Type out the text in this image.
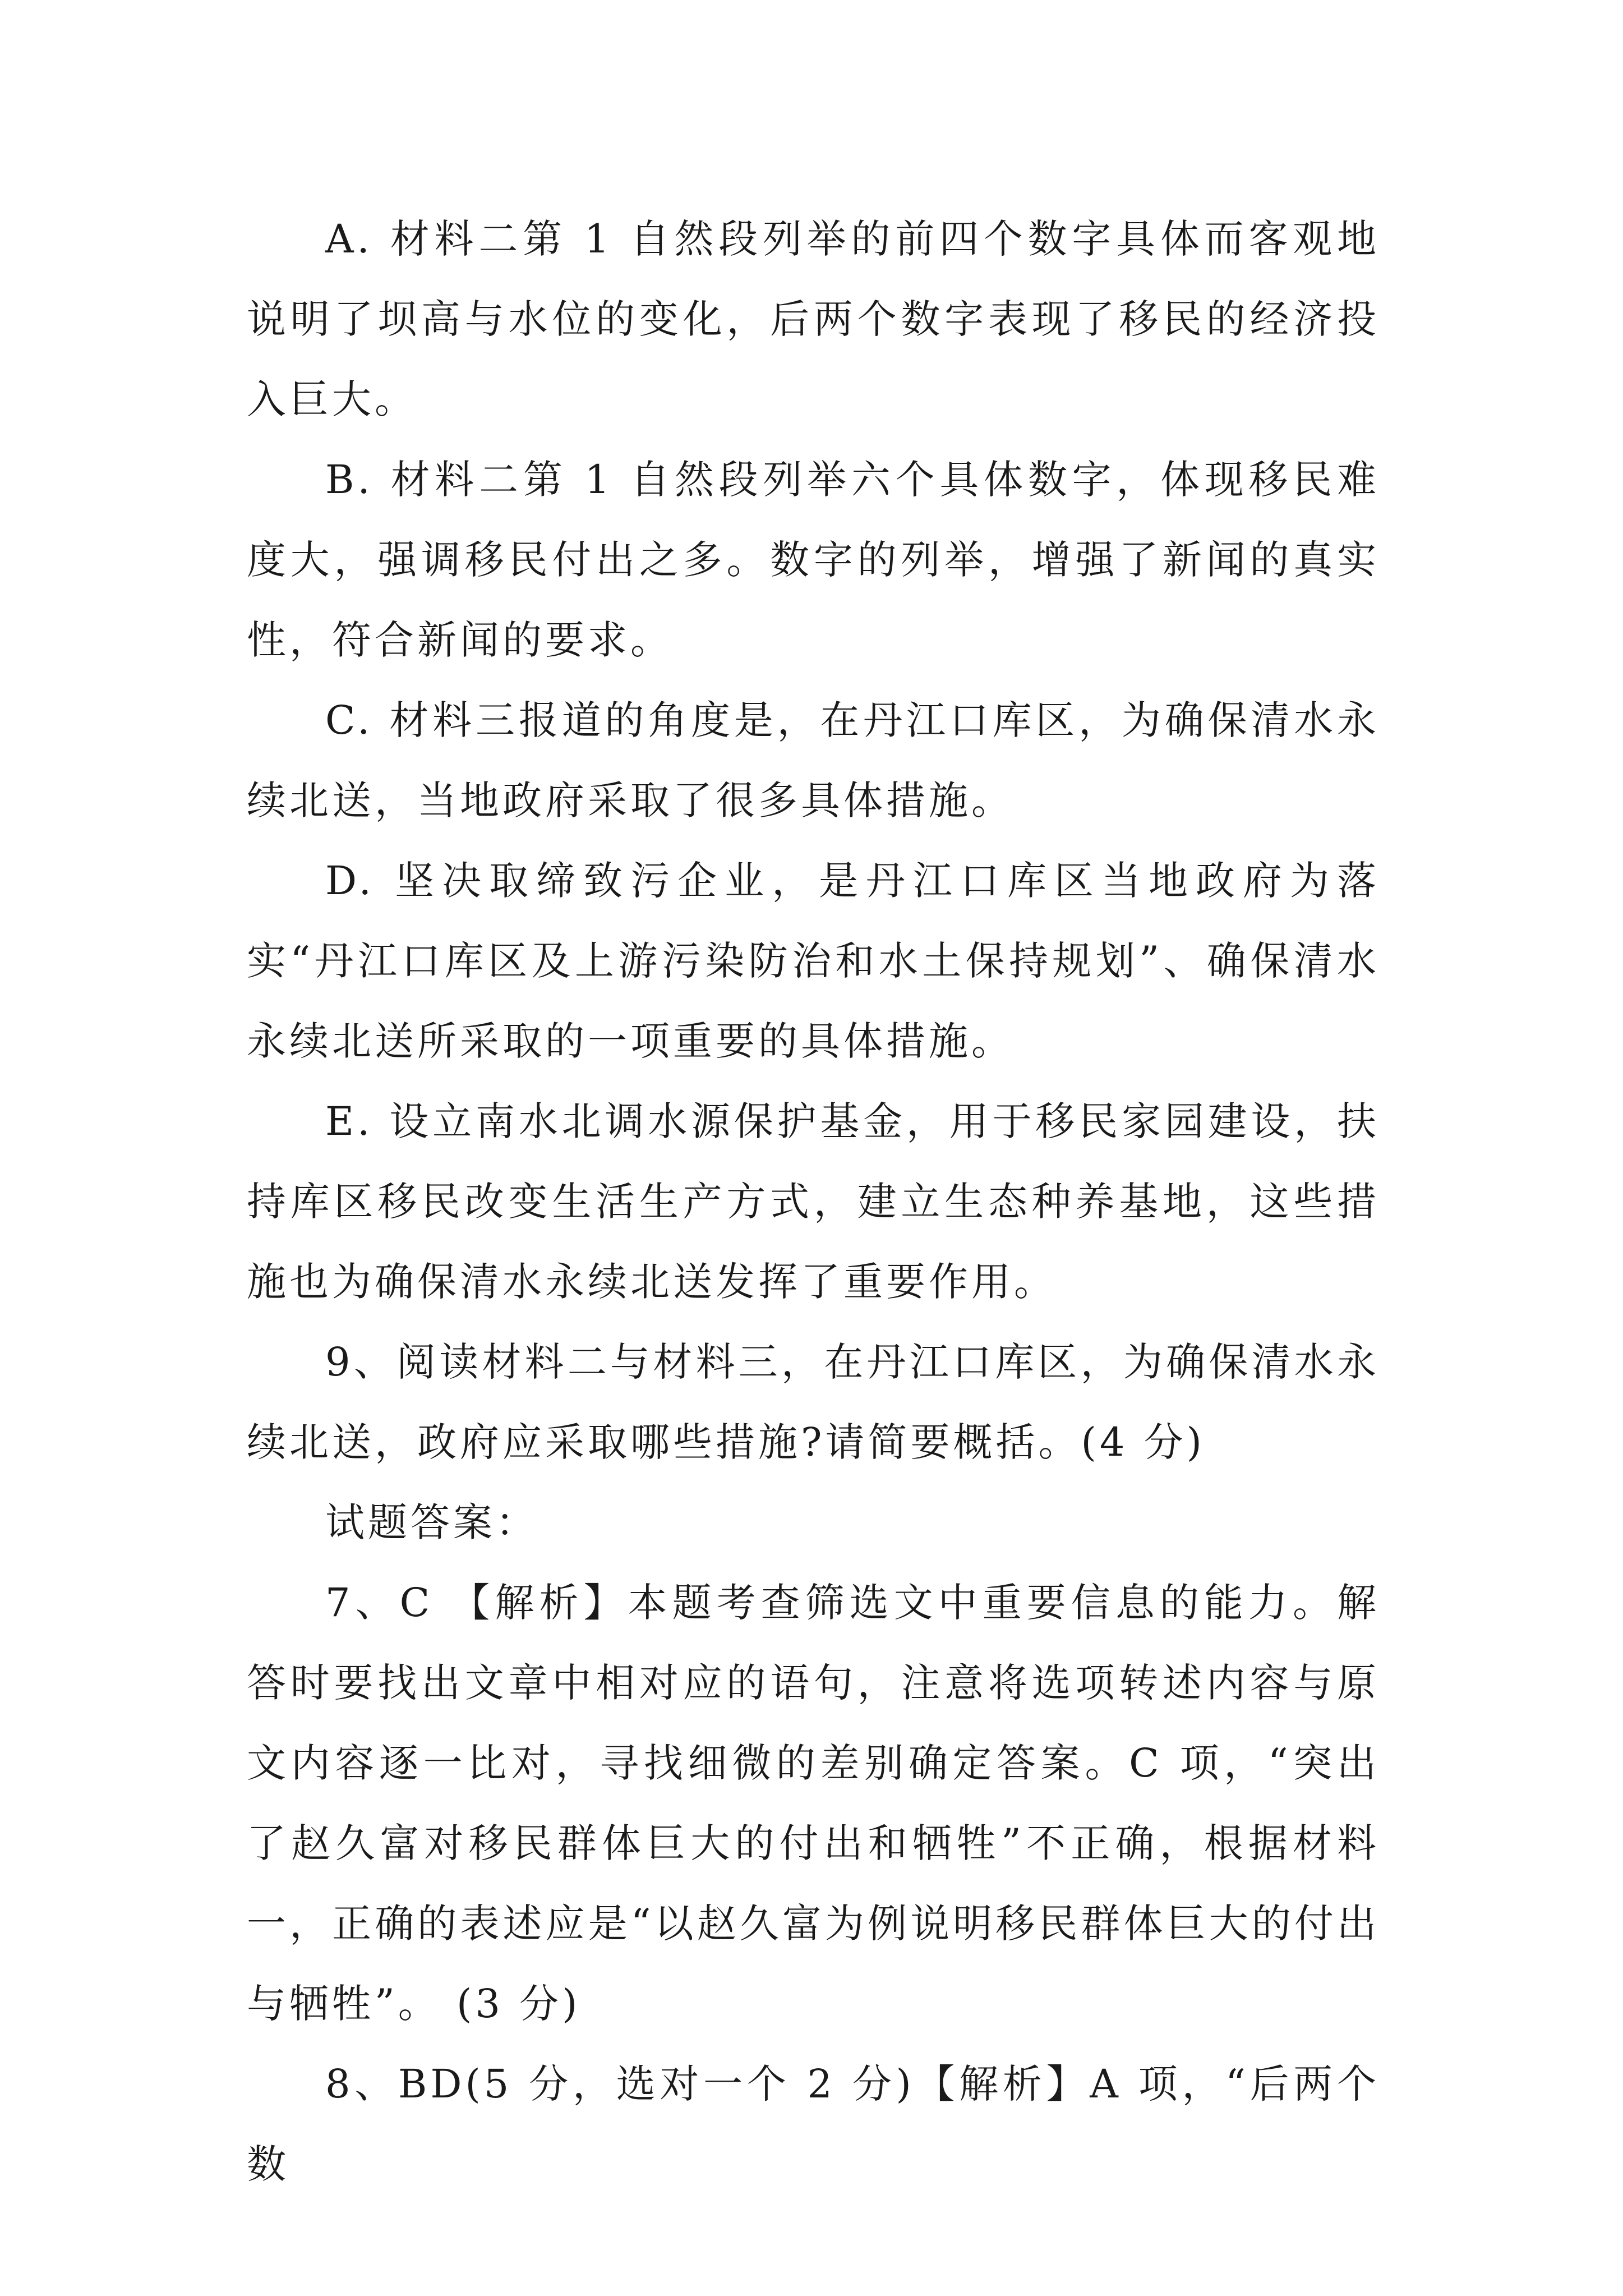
A. 材料二第 1 自然段列举的前四个数字具体而客观地说明了坝高与水位的变化，后两个数字表现了移民的经济投入巨大。

B. 材料二第 1 自然段列举六个具体数字，体现移民难度大，强调移民付出之多。数字的列举，增强了新闻的真实性，符合新闻的要求。

C. 材料三报道的角度是，在丹江口库区，为确保清水永续北送，当地政府采取了很多具体措施。

D. 坚决取缔致污企业，是丹江口库区当地政府为落实“丹江口库区及上游污染防治和水土保持规划”、确保清水永续北送所采取的一项重要的具体措施。

E. 设立南水北调水源保护基金，用于移民家园建设，扶持库区移民改变生活生产方式，建立生态种养基地，这些措施也为确保清水永续北送发挥了重要作用。

9、阅读材料二与材料三，在丹江口库区，为确保清水永续北送，政府应采取哪些措施?请简要概括。(4 分)

试题答案：

7、C 【解析】本题考查筛选文中重要信息的能力。解答时要找出文章中相对应的语句，注意将选项转述内容与原文内容逐一比对，寻找细微的差别确定答案。C 项，“突出了赵久富对移民群体巨大的付出和牺牲”不正确，根据材料一，正确的表述应是“以赵久富为例说明移民群体巨大的付出与牺牲”。 (3 分)

8、BD(5 分，选对一个 2 分)【解析】A 项，“后两个数
